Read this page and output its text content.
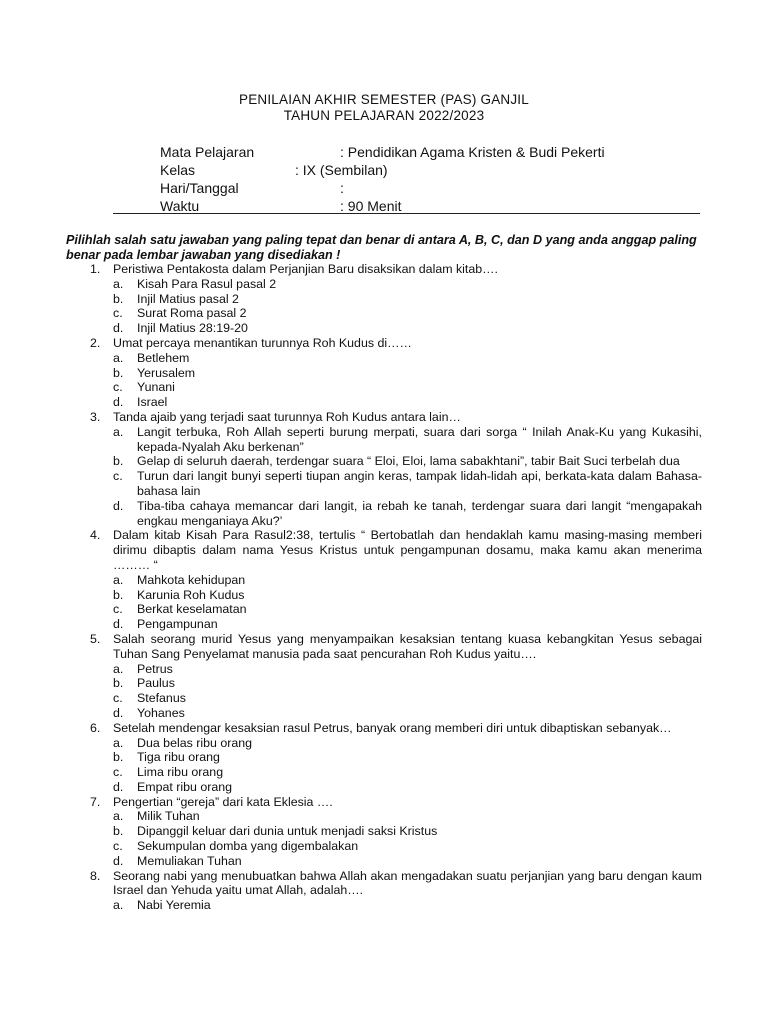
PENILAIAN AKHIR SEMESTER (PAS) GANJIL
TAHUN PELAJARAN 2022/2023
Mata Pelajaran	: Pendidikan Agama Kristen & Budi Pekerti
Kelas	: IX (Sembilan)
Hari/Tanggal	:
Waktu	: 90 Menit
Pilihlah salah satu jawaban yang paling tepat dan benar di antara A, B, C, dan D yang anda anggap paling benar pada lembar jawaban yang disediakan !
1. Peristiwa Pentakosta dalam Perjanjian Baru disaksikan dalam kitab….
a. Kisah Para Rasul pasal 2
b. Injil Matius pasal 2
c. Surat Roma pasal 2
d. Injil Matius 28:19-20
2. Umat percaya menantikan turunnya Roh Kudus di……
a. Betlehem
b. Yerusalem
c. Yunani
d. Israel
3. Tanda ajaib yang terjadi saat turunnya Roh Kudus antara lain…
a. Langit terbuka, Roh Allah seperti burung merpati, suara dari sorga “ Inilah Anak-Ku yang Kukasihi, kepada-Nyalah Aku berkenan”
b. Gelap di seluruh daerah, terdengar suara “ Eloi, Eloi, lama sabakhtani”, tabir Bait Suci terbelah dua
c. Turun dari langit bunyi seperti tiupan angin keras, tampak lidah-lidah api, berkata-kata dalam Bahasa-bahasa lain
d. Tiba-tiba cahaya memancar dari langit, ia rebah ke tanah, terdengar suara dari langit “mengapakah engkau menganiaya Aku?’
4. Dalam kitab Kisah Para Rasul2:38, tertulis “ Bertobatlah dan hendaklah kamu masing-masing memberi dirimu dibaptis dalam nama Yesus Kristus untuk pengampunan dosamu, maka kamu akan menerima ……… “
a. Mahkota kehidupan
b. Karunia Roh Kudus
c. Berkat keselamatan
d. Pengampunan
5. Salah seorang murid Yesus yang menyampaikan kesaksian tentang kuasa kebangkitan Yesus sebagai Tuhan Sang Penyelamat manusia pada saat pencurahan Roh Kudus yaitu….
a. Petrus
b. Paulus
c. Stefanus
d. Yohanes
6. Setelah mendengar kesaksian rasul Petrus, banyak orang memberi diri untuk dibaptiskan sebanyak…
a. Dua belas ribu orang
b. Tiga ribu orang
c. Lima ribu orang
d. Empat ribu orang
7. Pengertian “gereja” dari kata Eklesia ….
a. Milik Tuhan
b. Dipanggil keluar dari dunia untuk menjadi saksi Kristus
c. Sekumpulan domba yang digembalakan
d. Memuliakan Tuhan
8. Seorang nabi yang menubuatkan bahwa Allah akan mengadakan suatu perjanjian yang baru dengan kaum Israel dan Yehuda yaitu umat Allah, adalah….
a. Nabi Yeremia
